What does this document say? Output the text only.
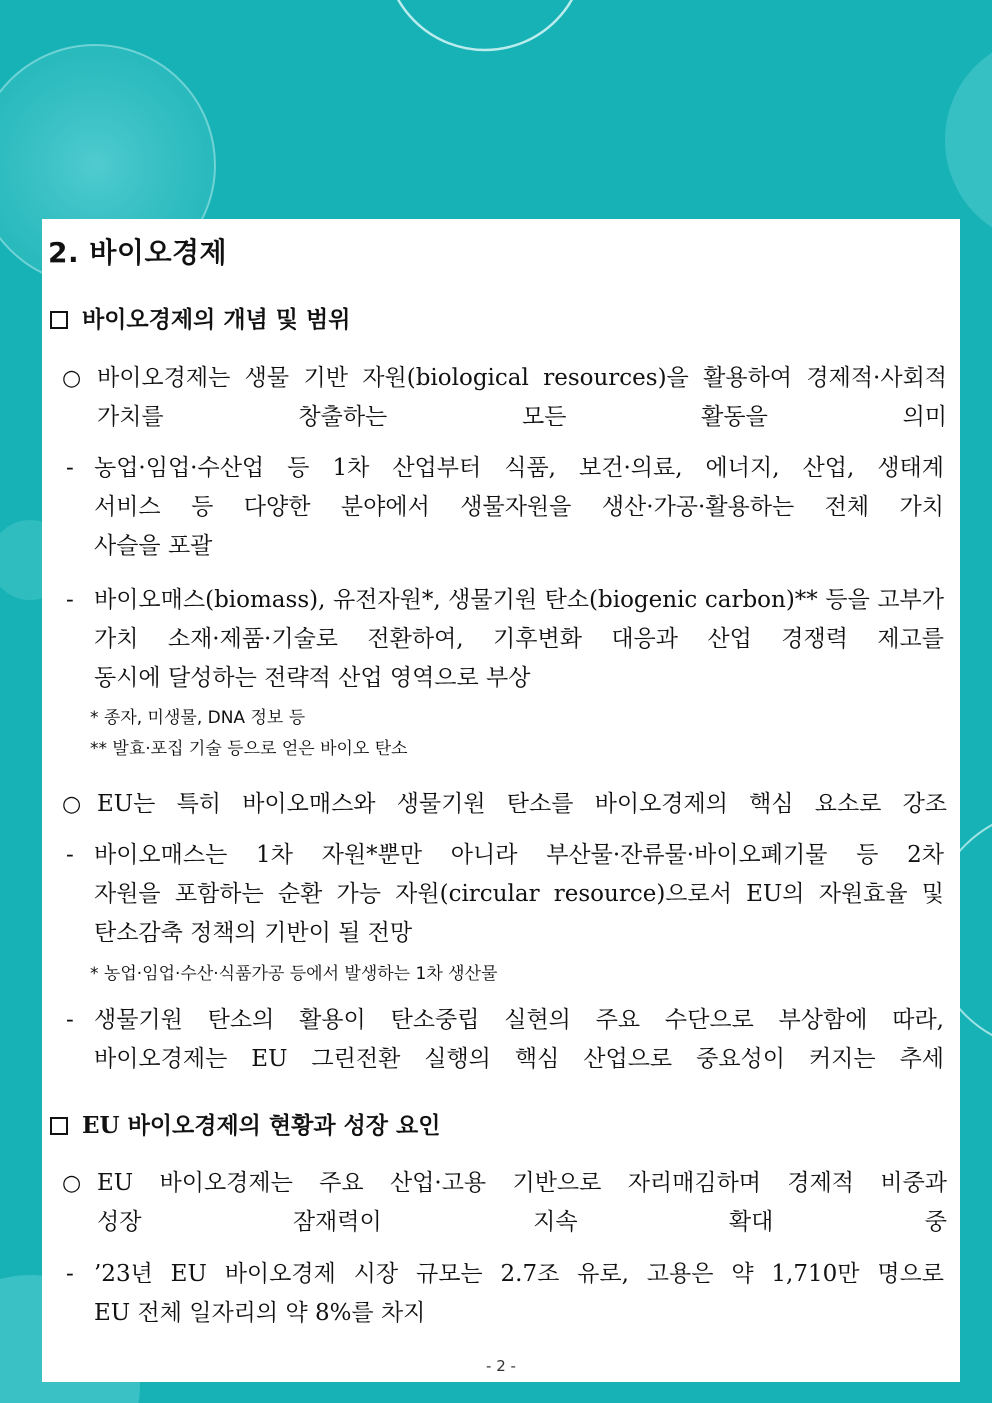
2. 바이오경제
바이오경제의 개념 및 범위
○ 바이오경제는 생물 기반 자원(biological resources)을 활용하여 경제적·사회적
가치를 창출하는 모든 활동을 의미
- 농업·임업·수산업 등 1차 산업부터 식품, 보건·의료, 에너지, 산업, 생태계
서비스 등 다양한 분야에서 생물자원을 생산·가공·활용하는 전체 가치
사슬을 포괄
- 바이오매스(biomass), 유전자원*, 생물기원 탄소(biogenic carbon)** 등을 고부가
가치 소재·제품·기술로 전환하여, 기후변화 대응과 산업 경쟁력 제고를
동시에 달성하는 전략적 산업 영역으로 부상
* 종자, 미생물, DNA 정보 등
** 발효·포집 기술 등으로 얻은 바이오 탄소
○ EU는 특히 바이오매스와 생물기원 탄소를 바이오경제의 핵심 요소로 강조
- 바이오매스는 1차 자원*뿐만 아니라 부산물·잔류물·바이오폐기물 등 2차
자원을 포함하는 순환 가능 자원(circular resource)으로서 EU의 자원효율 및
탄소감축 정책의 기반이 될 전망
* 농업·임업·수산·식품가공 등에서 발생하는 1차 생산물
- 생물기원 탄소의 활용이 탄소중립 실현의 주요 수단으로 부상함에 따라,
바이오경제는 EU 그린전환 실행의 핵심 산업으로 중요성이 커지는 추세
EU 바이오경제의 현황과 성장 요인
○ EU 바이오경제는 주요 산업·고용 기반으로 자리매김하며 경제적 비중과
성장 잠재력이 지속 확대 중
- ’23년 EU 바이오경제 시장 규모는 2.7조 유로, 고용은 약 1,710만 명으로
EU 전체 일자리의 약 8%를 차지
- 2 -
